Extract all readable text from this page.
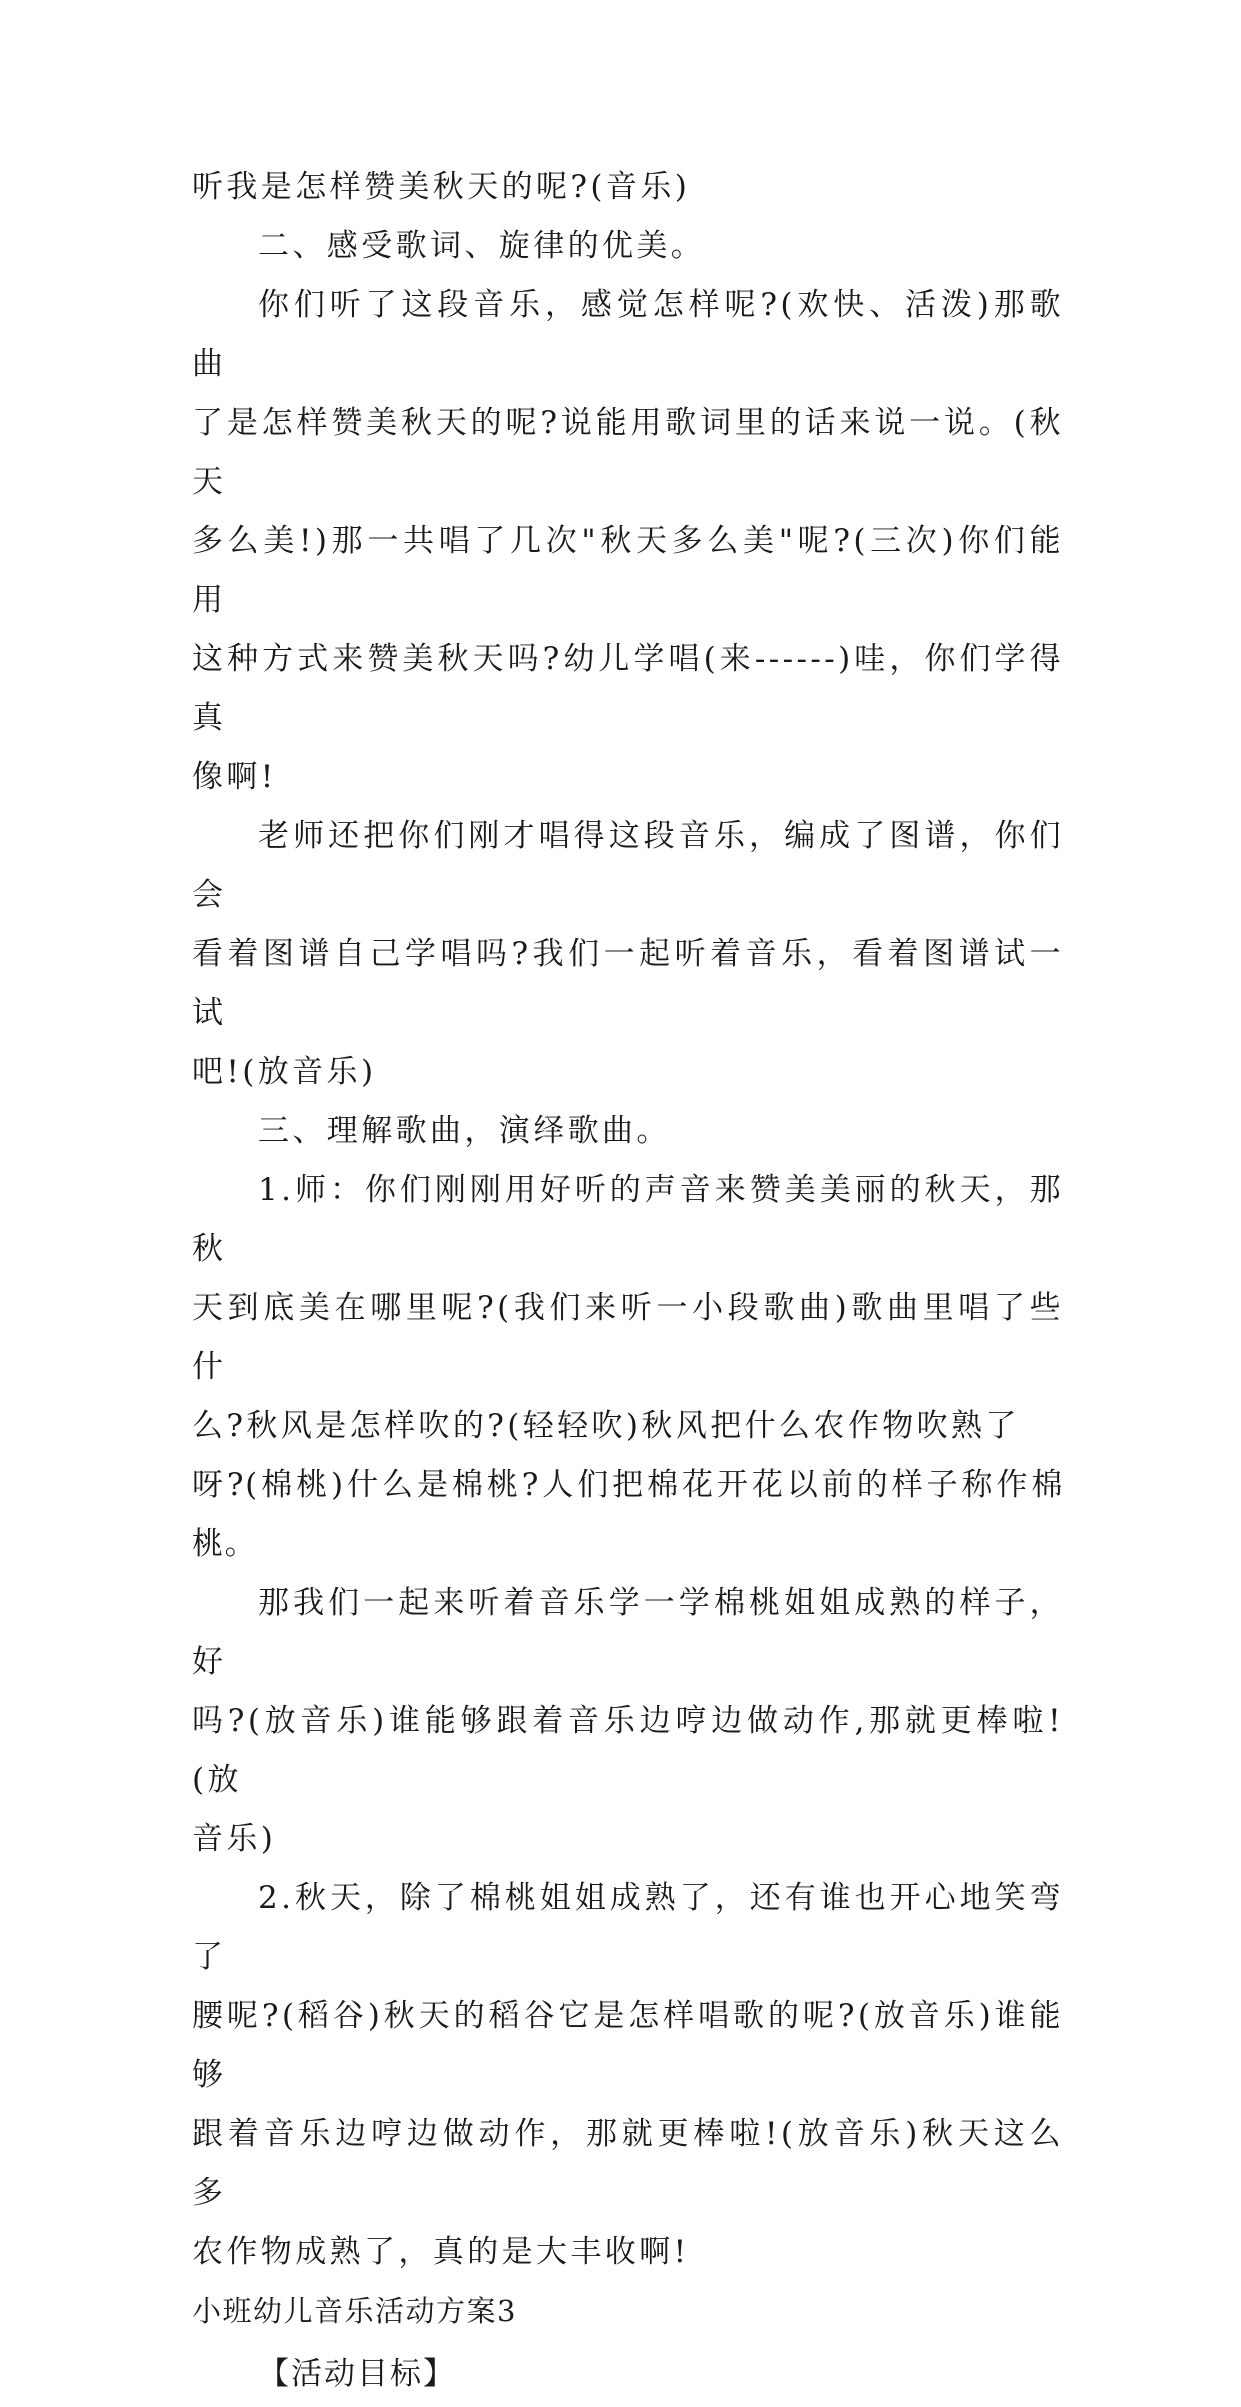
听我是怎样赞美秋天的呢?(音乐)

二、感受歌词、旋律的优美。

你们听了这段音乐，感觉怎样呢?(欢快、活泼)那歌曲
了是怎样赞美秋天的呢?说能用歌词里的话来说一说。(秋天
多么美!)那一共唱了几次"秋天多么美"呢?(三次)你们能用
这种方式来赞美秋天吗?幼儿学唱(来------)哇，你们学得真
像啊!

老师还把你们刚才唱得这段音乐，编成了图谱，你们会
看着图谱自己学唱吗?我们一起听着音乐，看着图谱试一试
吧!(放音乐)

三、理解歌曲，演绎歌曲。

1.师：你们刚刚用好听的声音来赞美美丽的秋天，那秋
天到底美在哪里呢?(我们来听一小段歌曲)歌曲里唱了些什
么?秋风是怎样吹的?(轻轻吹)秋风把什么农作物吹熟了
呀?(棉桃)什么是棉桃?人们把棉花开花以前的样子称作棉桃。

那我们一起来听着音乐学一学棉桃姐姐成熟的样子，好
吗?(放音乐)谁能够跟着音乐边哼边做动作,那就更棒啦!(放
音乐)

2.秋天，除了棉桃姐姐成熟了，还有谁也开心地笑弯了
腰呢?(稻谷)秋天的稻谷它是怎样唱歌的呢?(放音乐)谁能够
跟着音乐边哼边做动作，那就更棒啦!(放音乐)秋天这么多
农作物成熟了，真的是大丰收啊!

小班幼儿音乐活动方案3

【活动目标】
